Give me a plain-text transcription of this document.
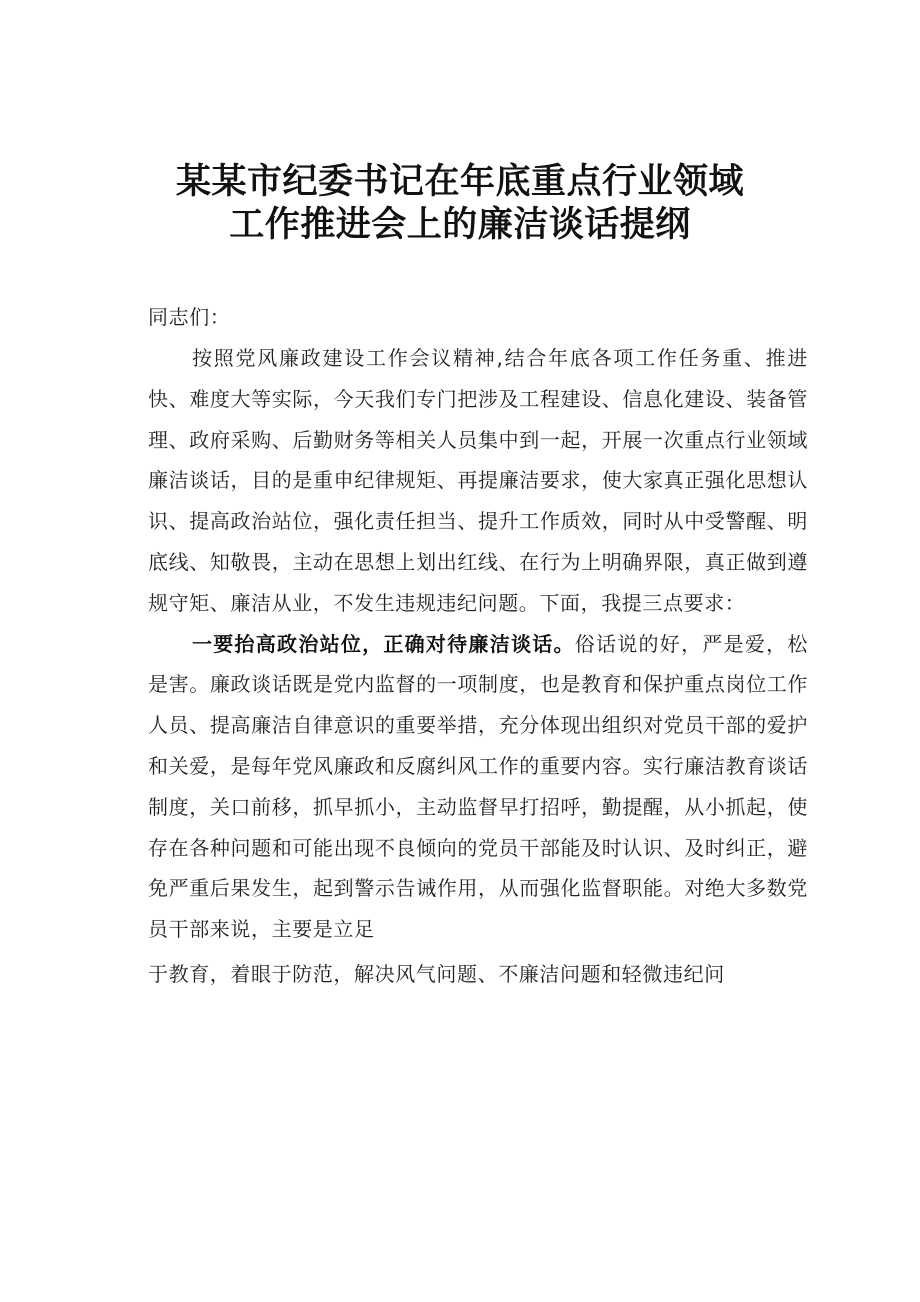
某某市纪委书记在年底重点行业领域
工作推进会上的廉洁谈话提纲

同志们：

按照党风廉政建设工作会议精神,结合年底各项工作任务重、推进快、难度大等实际，今天我们专门把涉及工程建设、信息化建设、装备管理、政府采购、后勤财务等相关人员集中到一起，开展一次重点行业领域廉洁谈话，目的是重申纪律规矩、再提廉洁要求，使大家真正强化思想认识、提高政治站位，强化责任担当、提升工作质效，同时从中受警醒、明底线、知敬畏，主动在思想上划出红线、在行为上明确界限，真正做到遵规守矩、廉洁从业，不发生违规违纪问题。下面，我提三点要求：

一要抬高政治站位，正确对待廉洁谈话。俗话说的好，严是爱，松是害。廉政谈话既是党内监督的一项制度，也是教育和保护重点岗位工作人员、提高廉洁自律意识的重要举措，充分体现出组织对党员干部的爱护和关爱，是每年党风廉政和反腐纠风工作的重要内容。实行廉洁教育谈话制度，关口前移，抓早抓小，主动监督早打招呼，勤提醒，从小抓起，使存在各种问题和可能出现不良倾向的党员干部能及时认识、及时纠正，避免严重后果发生，起到警示告诫作用，从而强化监督职能。对绝大多数党员干部来说，主要是立足

于教育，着眼于防范，解决风气问题、不廉洁问题和轻微违纪问
